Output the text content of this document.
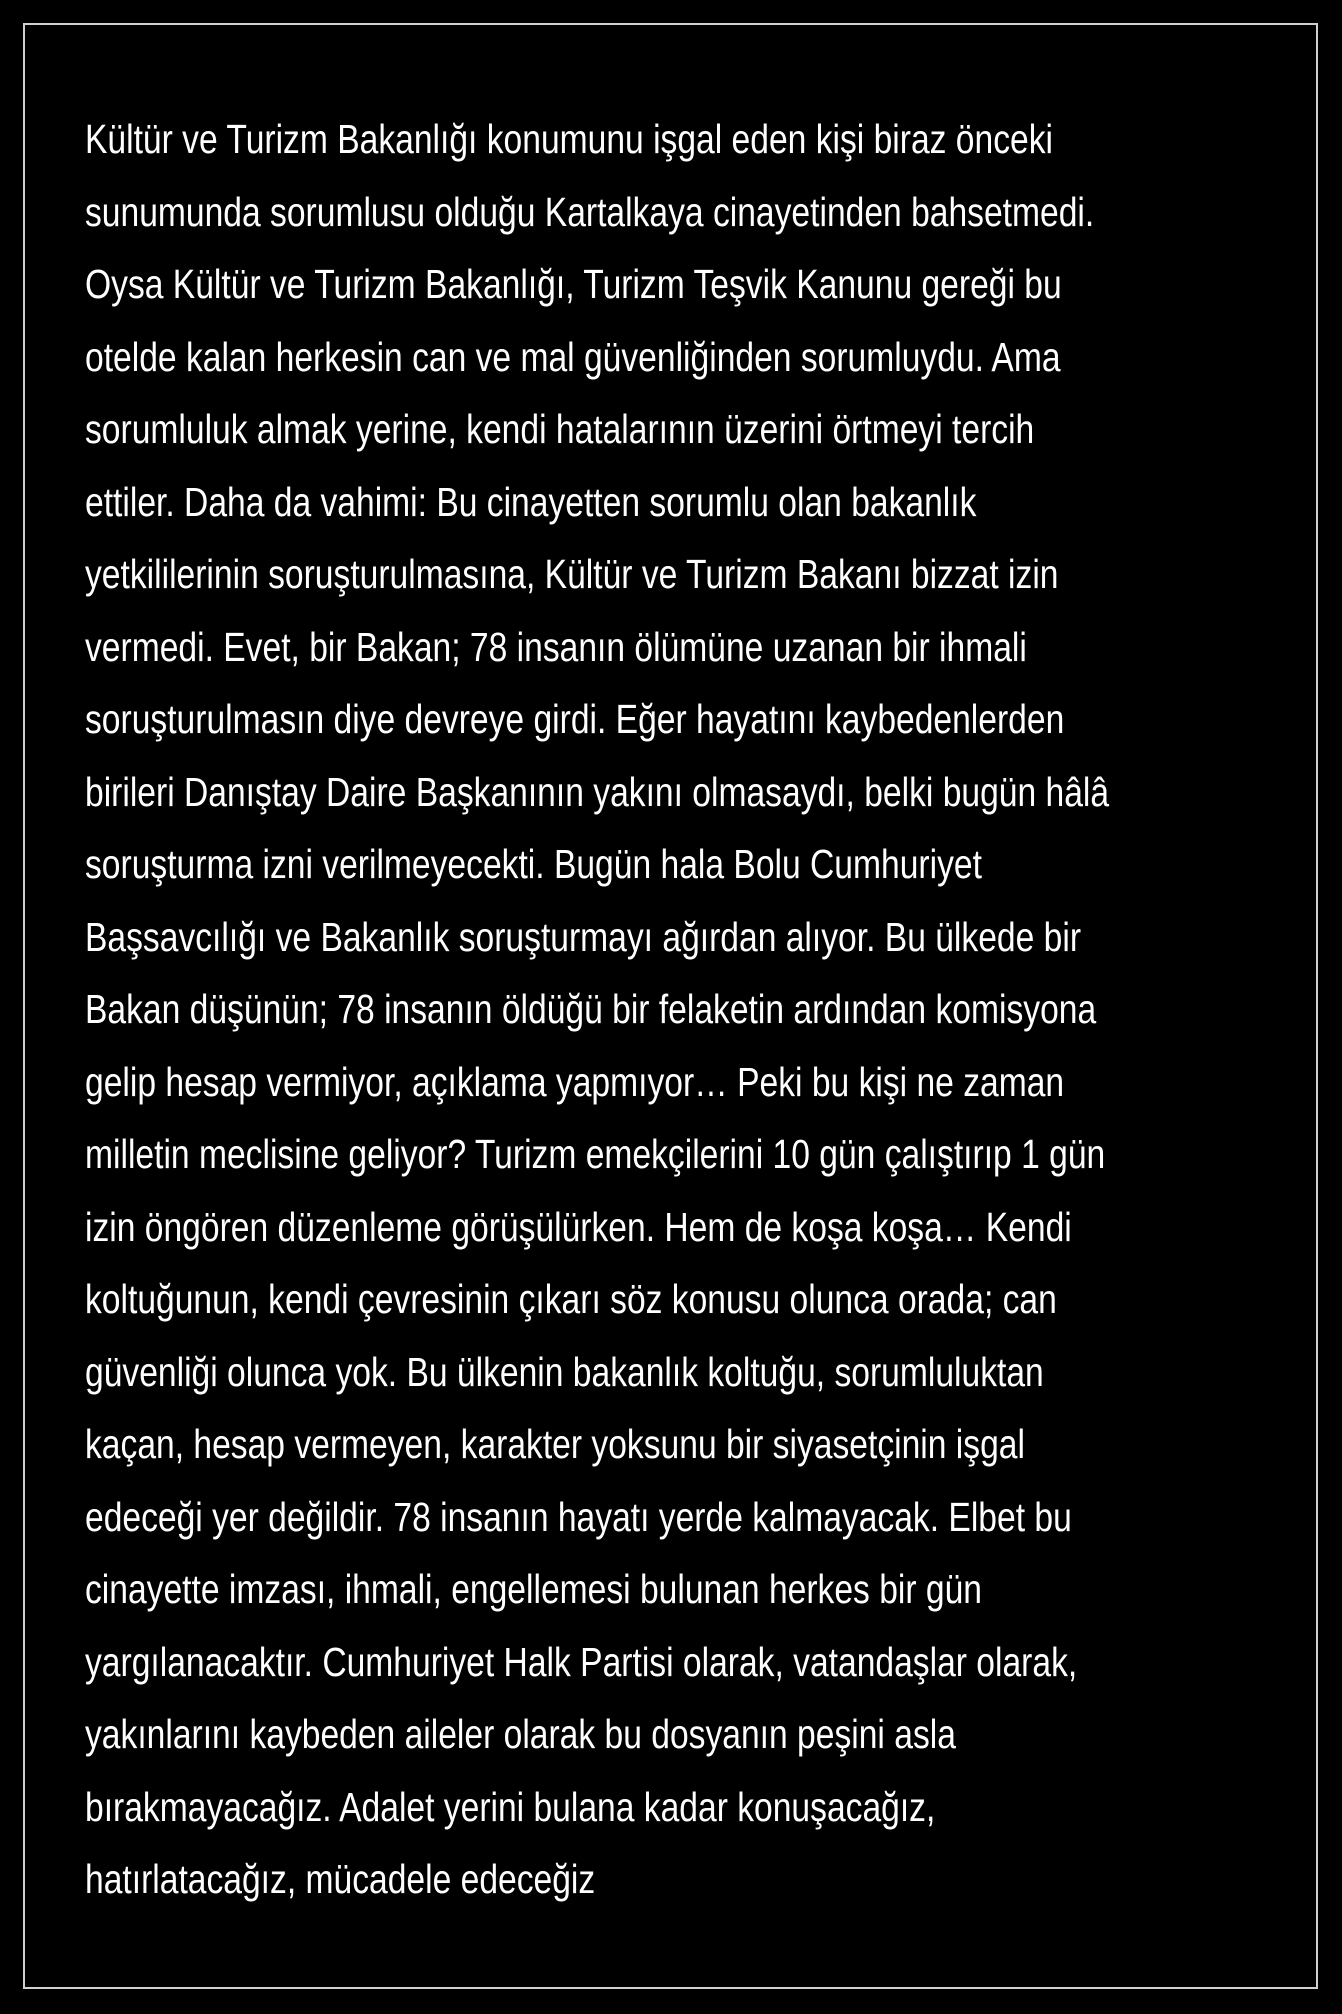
Kültür ve Turizm Bakanlığı konumunu işgal eden kişi biraz önceki
sunumunda sorumlusu olduğu Kartalkaya cinayetinden bahsetmedi.
Oysa Kültür ve Turizm Bakanlığı, Turizm Teşvik Kanunu gereği bu
otelde kalan herkesin can ve mal güvenliğinden sorumluydu. Ama
sorumluluk almak yerine, kendi hatalarının üzerini örtmeyi tercih
ettiler. Daha da vahimi: Bu cinayetten sorumlu olan bakanlık
yetkililerinin soruşturulmasına, Kültür ve Turizm Bakanı bizzat izin
vermedi. Evet, bir Bakan; 78 insanın ölümüne uzanan bir ihmali
soruşturulmasın diye devreye girdi. Eğer hayatını kaybedenlerden
birileri Danıştay Daire Başkanının yakını olmasaydı, belki bugün hâlâ
soruşturma izni verilmeyecekti. Bugün hala Bolu Cumhuriyet
Başsavcılığı ve Bakanlık soruşturmayı ağırdan alıyor. Bu ülkede bir
Bakan düşünün; 78 insanın öldüğü bir felaketin ardından komisyona
gelip hesap vermiyor, açıklama yapmıyor… Peki bu kişi ne zaman
milletin meclisine geliyor? Turizm emekçilerini 10 gün çalıştırıp 1 gün
izin öngören düzenleme görüşülürken. Hem de koşa koşa… Kendi
koltuğunun, kendi çevresinin çıkarı söz konusu olunca orada; can
güvenliği olunca yok. Bu ülkenin bakanlık koltuğu, sorumluluktan
kaçan, hesap vermeyen, karakter yoksunu bir siyasetçinin işgal
edeceği yer değildir. 78 insanın hayatı yerde kalmayacak. Elbet bu
cinayette imzası, ihmali, engellemesi bulunan herkes bir gün
yargılanacaktır. Cumhuriyet Halk Partisi olarak, vatandaşlar olarak,
yakınlarını kaybeden aileler olarak bu dosyanın peşini asla
bırakmayacağız. Adalet yerini bulana kadar konuşacağız,
hatırlatacağız, mücadele edeceğiz
